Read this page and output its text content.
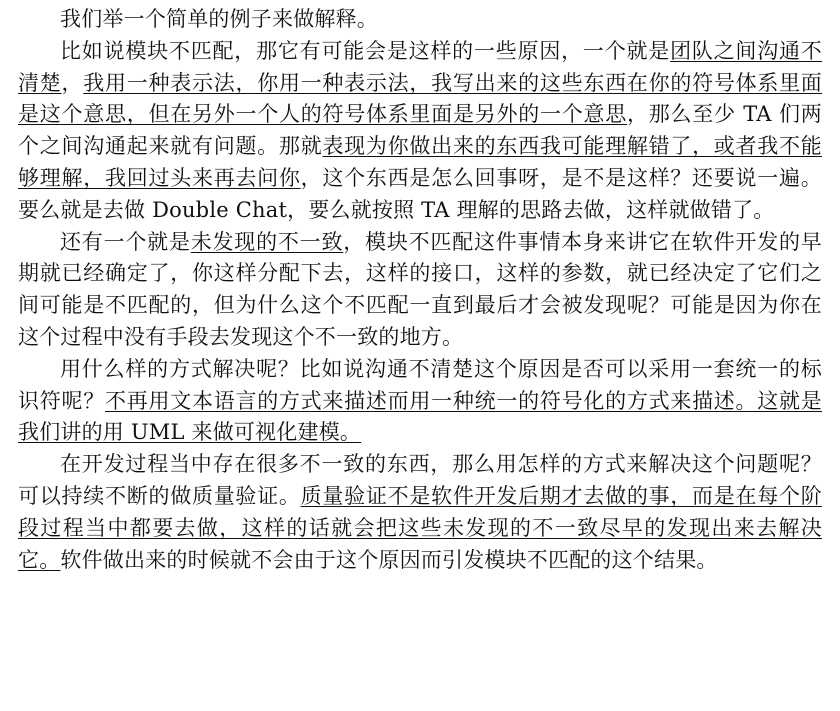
我们举一个简单的例子来做解释。

比如说模块不匹配，那它有可能会是这样的一些原因，一个就是团队之间沟通不清楚，我用一种表示法，你用一种表示法，我写出来的这些东西在你的符号体系里面是这个意思，但在另外一个人的符号体系里面是另外的一个意思，那么至少 TA 们两个之间沟通起来就有问题。那就表现为你做出来的东西我可能理解错了，或者我不能够理解，我回过头来再去问你，这个东西是怎么回事呀，是不是这样？还要说一遍。要么就是去做 Double Chat，要么就按照 TA 理解的思路去做，这样就做错了。

还有一个就是未发现的不一致，模块不匹配这件事情本身来讲它在软件开发的早期就已经确定了，你这样分配下去，这样的接口，这样的参数，就已经决定了它们之间可能是不匹配的，但为什么这个不匹配一直到最后才会被发现呢？可能是因为你在这个过程中没有手段去发现这个不一致的地方。

用什么样的方式解决呢？比如说沟通不清楚这个原因是否可以采用一套统一的标识符呢？不再用文本语言的方式来描述而用一种统一的符号化的方式来描述。这就是我们讲的用 UML 来做可视化建模。

在开发过程当中存在很多不一致的东西，那么用怎样的方式来解决这个问题呢？可以持续不断的做质量验证。质量验证不是软件开发后期才去做的事，而是在每个阶段过程当中都要去做，这样的话就会把这些未发现的不一致尽早的发现出来去解决它。软件做出来的时候就不会由于这个原因而引发模块不匹配的这个结果。
